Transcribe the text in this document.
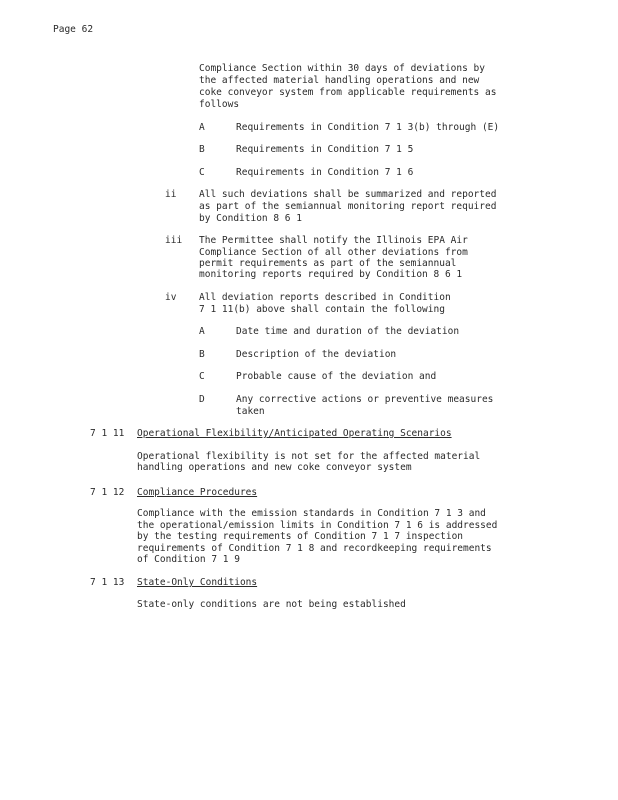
Page 62
Compliance Section within 30 days of deviations by
the affected material handling operations and new
coke conveyor system from applicable requirements as
follows
A	Requirements in Condition 7 1 3(b) through (E)
B	Requirements in Condition 7 1 5
C	Requirements in Condition 7 1 6
ii All such deviations shall be summarized and reported
as part of the semiannual monitoring report required
by Condition 8 6 1
iii The Permittee shall notify the Illinois EPA Air
Compliance Section of all other deviations from
permit requirements as part of the semiannual
monitoring reports required by Condition 8 6 1
iv All deviation reports described in Condition
7 1 11(b) above shall contain the following
A	Date time and duration of the deviation
B	Description of the deviation
C	Probable cause of the deviation and
D	Any corrective actions or preventive measures
taken
7 1 11 Operational Flexibility/Anticipated Operating Scenarios
Operational flexibility is not set for the affected material
handling operations and new coke conveyor system
7 1 12 Compliance Procedures
Compliance with the emission standards in Condition 7 1 3 and
the operational/emission limits in Condition 7 1 6 is addressed
by the testing requirements of Condition 7 1 7 inspection
requirements of Condition 7 1 8 and recordkeeping requirements
of Condition 7 1 9
7 1 13 State-Only Conditions
State-only conditions are not being established
